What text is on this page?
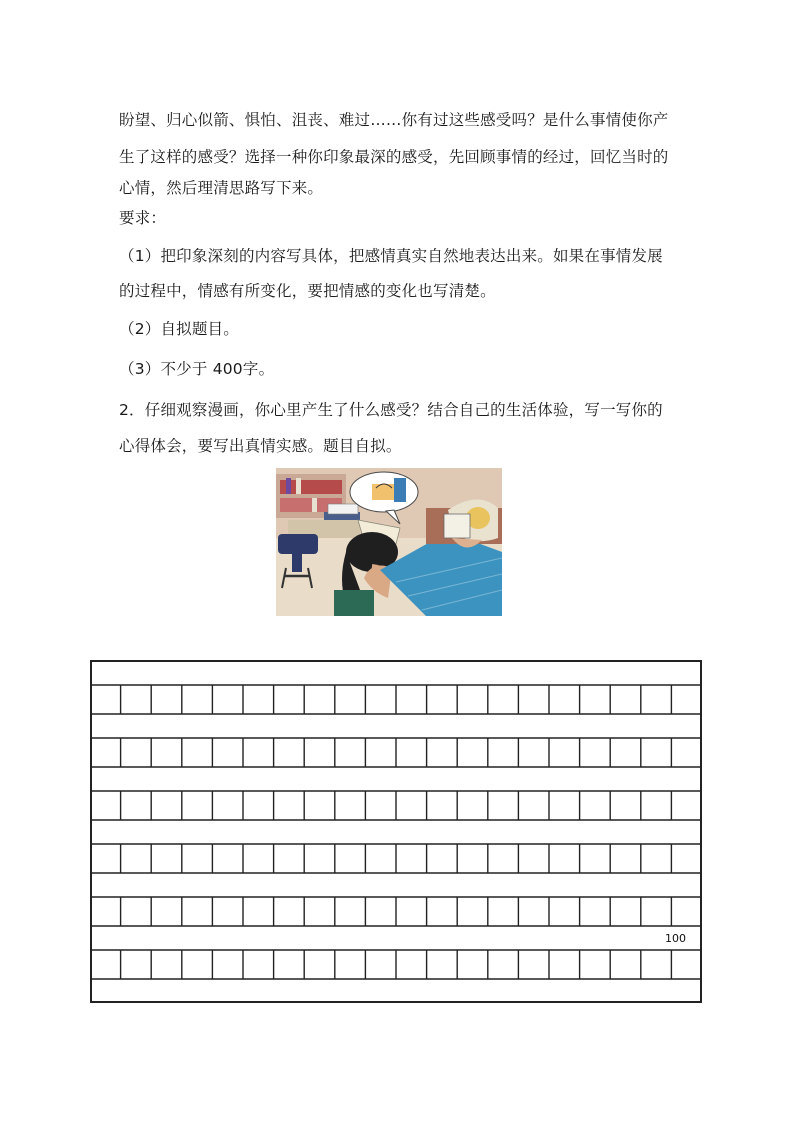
盼望、归心似箭、惧怕、沮丧、难过……你有过这些感受吗？是什么事情使你产
生了这样的感受？选择一种你印象最深的感受，先回顾事情的经过，回忆当时的
心情，然后理清思路写下来。
要求：
（1）把印象深刻的内容写具体，把感情真实自然地表达出来。如果在事情发展
的过程中，情感有所变化，要把情感的变化也写清楚。
（2）自拟题目。
（3）不少于 400字。
2．仔细观察漫画，你心里产生了什么感受？结合自己的生活体验，写一写你的
心得体会，要写出真情实感。题目自拟。
100
